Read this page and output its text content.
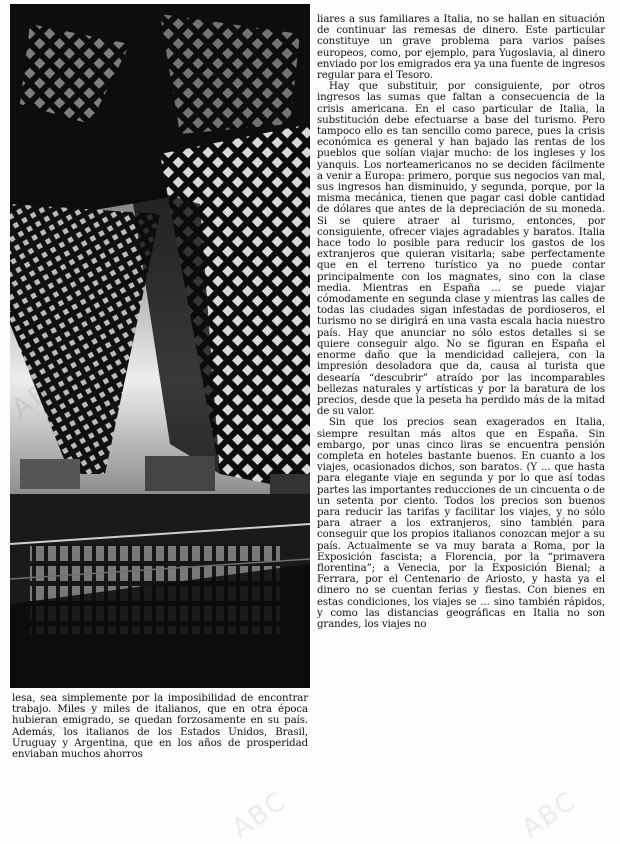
liares a sus familiares a Italia, no se hallan en situación de continuar las remesas de dinero. Este particular constituye un grave problema para varios países europeos, como, por ejemplo, para Yugoslavia, al dinero enviado por los emigrados era ya una fuente de ingresos regular para el Tesoro.

Hay que substituir, por consiguiente, por otros ingresos las sumas que faltan a consecuencia de la crisis americana. En el caso particular de Italia, la substitución debe efectuarse a base del turismo. Pero tampoco ello es tan sencillo como parece, pues la crisis económica es general y han bajado las rentas de los pueblos que solían viajar mucho: de los ingleses y los yanquis. Los norteamericanos no se deciden fácilmente a venir a Europa: primero, porque sus negocios van mal, sus ingresos han disminuido, y segunda, porque, por la misma mecánica, tienen que pagar casi doble cantidad de dólares que antes de la depreciación de su moneda. Si se quiere atraer al turismo, entonces, por consiguiente, ofrecer viajes agradables y baratos. Italia hace todo lo posible para reducir los gastos de los extranjeros que quieran visitarla; sabe perfectamente que en el terreno turístico ya no puede contar principalmente con los magnates, sino con la clase media. Mientras en España ... se puede viajar cómodamente en segunda clase y mientras las calles de todas las ciudades sigan infestadas de pordioseros, el turismo no se dirigirá en una vasta escala hacia nuestro país. Hay que anunciar no sólo estos detalles si se quiere conseguir algo. No se figuran en España el enorme daño que la mendicidad callejera, con la impresión desoladora que da, causa al turista que desearía “descubrir” atraído por las incomparables bellezas naturales y artísticas y por la baratura de los precios, desde que la peseta ha perdido más de la mitad de su valor.

Sin que los precios sean exagerados en Italia, siempre resultan más altos que en España. Sin embargo, por unas cinco liras se encuentra pensión completa en hoteles bastante buenos. En cuanto a los viajes, ocasionados dichos, son baratos. (Y ... que hasta para elegante viaje en segunda y por lo que así todas partes las importantes reducciones de un cincuenta o de un setenta por ciento. Todos los precios son buenos para reducir las tarifas y facilitar los viajes, y no sólo para atraer a los extranjeros, sino también para conseguir que los propios italianos conozcan mejor a su país. Actualmente se va muy barata a Roma, por la Exposición fascista; a Florencia, por la “primavera florentina”; a Venecia, por la Exposición Bienal; a Ferrara, por el Centenario de Ariosto, y hasta ya el dinero no se cuentan ferias y fiestas. Con bienes en estas condiciones, los viajes se ... sino también rápidos, y como las distancias geográficas en Italia no son grandes, los viajes no

lesa, sea simplemente por la imposibilidad de encontrar trabajo. Miles y miles de italianos, que en otra época hubieran emigrado, se quedan forzosamente en su país. Además, los italianos de los Estados Unidos, Brasil, Uruguay y Argentina, que en los años de prosperidad enviaban muchos ahorros

ABC
ABC
ABC
ABC
ABC
